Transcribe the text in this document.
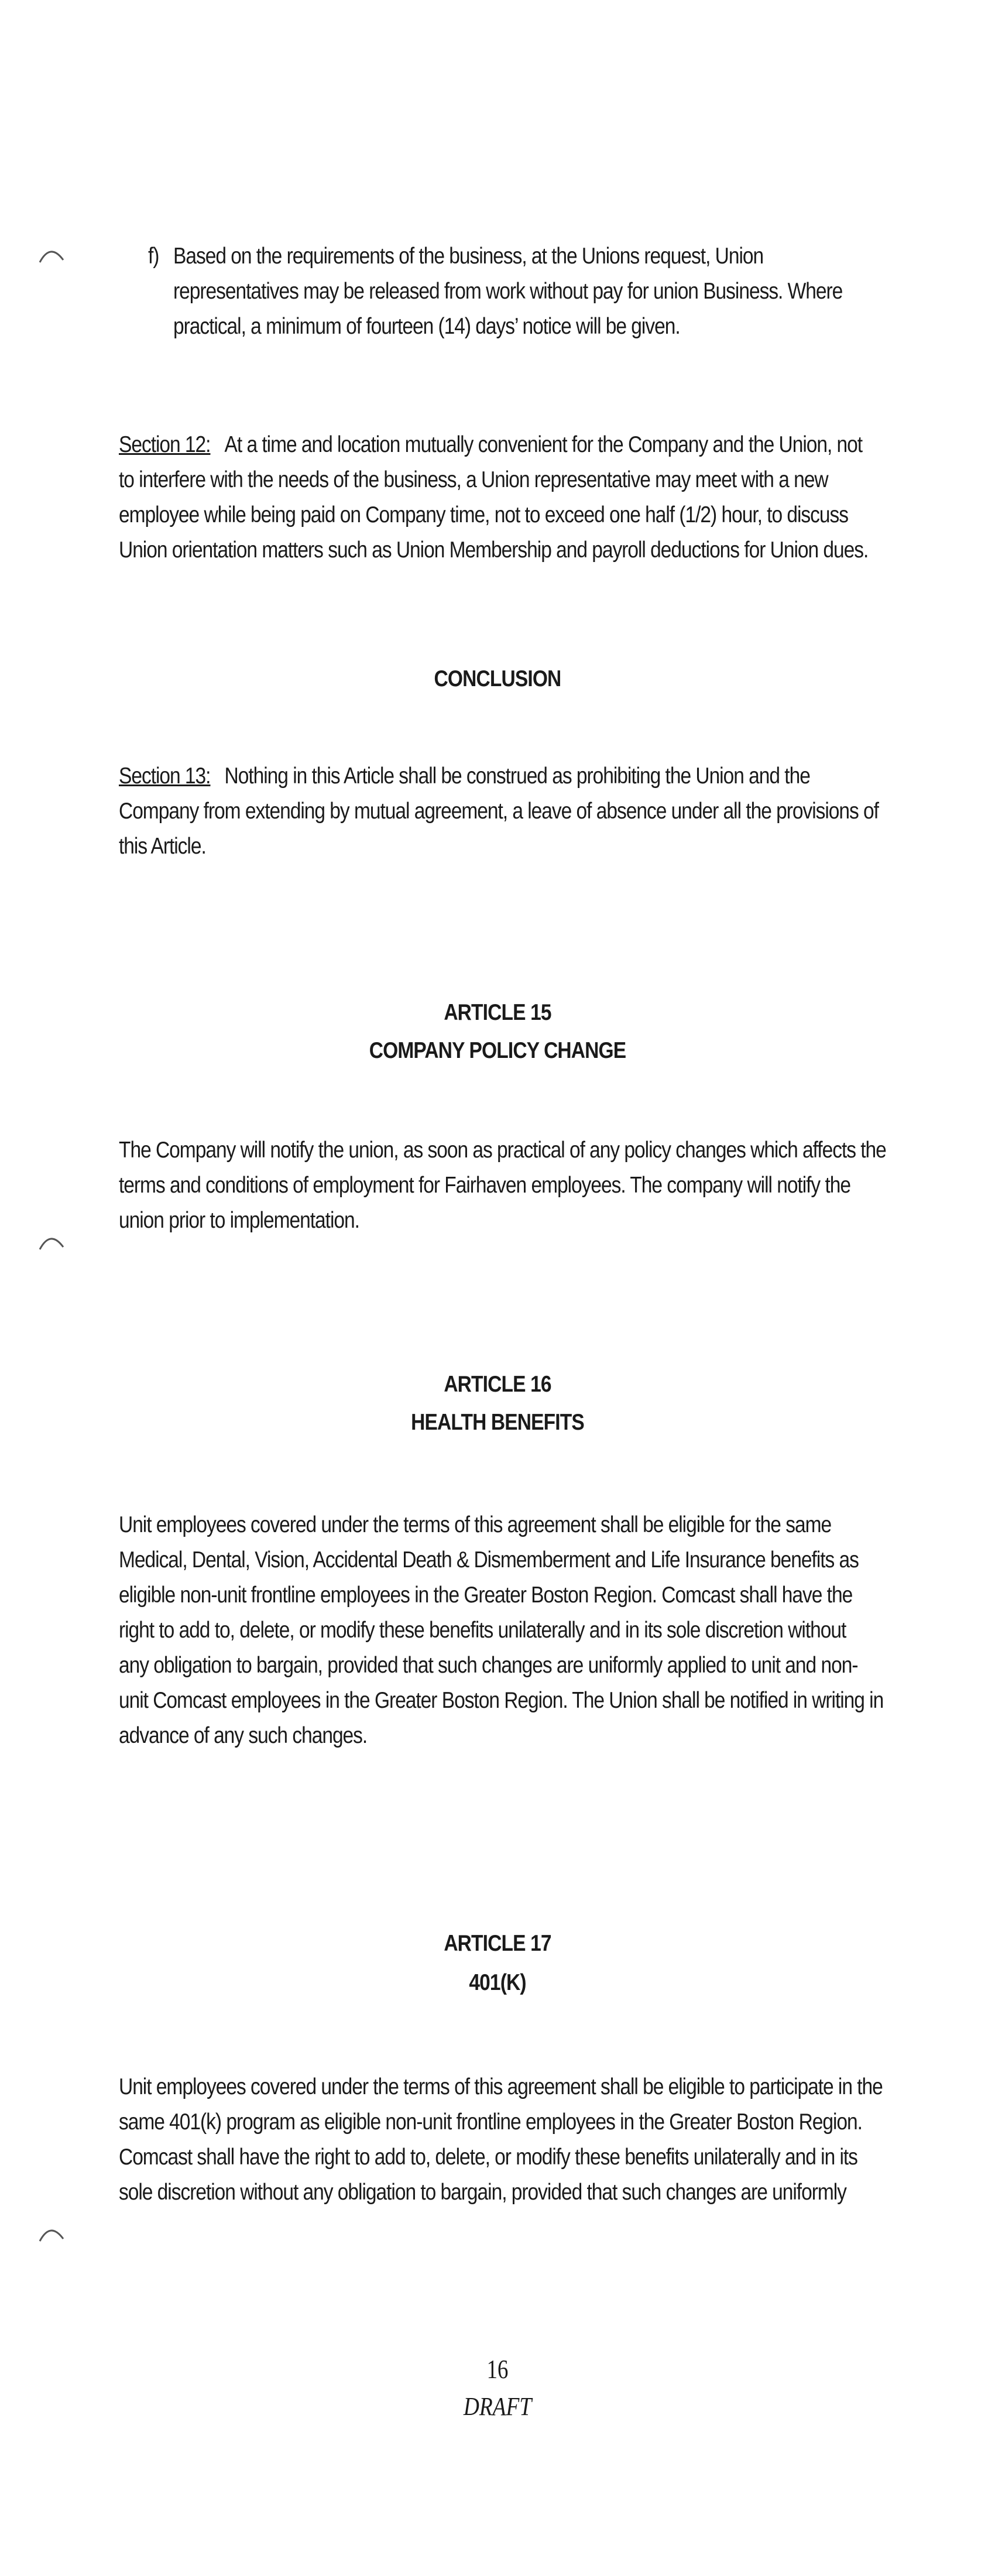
f) Based on the requirements of the business, at the Unions request, Union
representatives may be released from work without pay for union Business. Where
practical, a minimum of fourteen (14) days’ notice will be given.
Section 12: At a time and location mutually convenient for the Company and the Union, not
to interfere with the needs of the business, a Union representative may meet with a new
employee while being paid on Company time, not to exceed one half (1/2) hour, to discuss
Union orientation matters such as Union Membership and payroll deductions for Union dues.
CONCLUSION
Section 13: Nothing in this Article shall be construed as prohibiting the Union and the
Company from extending by mutual agreement, a leave of absence under all the provisions of
this Article.
ARTICLE 15
COMPANY POLICY CHANGE
The Company will notify the union, as soon as practical of any policy changes which affects the
terms and conditions of employment for Fairhaven employees. The company will notify the
union prior to implementation.
ARTICLE 16
HEALTH BENEFITS
Unit employees covered under the terms of this agreement shall be eligible for the same
Medical, Dental, Vision, Accidental Death & Dismemberment and Life Insurance benefits as
eligible non-unit frontline employees in the Greater Boston Region. Comcast shall have the
right to add to, delete, or modify these benefits unilaterally and in its sole discretion without
any obligation to bargain, provided that such changes are uniformly applied to unit and non-
unit Comcast employees in the Greater Boston Region. The Union shall be notified in writing in
advance of any such changes.
ARTICLE 17
401(K)
Unit employees covered under the terms of this agreement shall be eligible to participate in the
same 401(k) program as eligible non-unit frontline employees in the Greater Boston Region.
Comcast shall have the right to add to, delete, or modify these benefits unilaterally and in its
sole discretion without any obligation to bargain, provided that such changes are uniformly
16
DRAFT
